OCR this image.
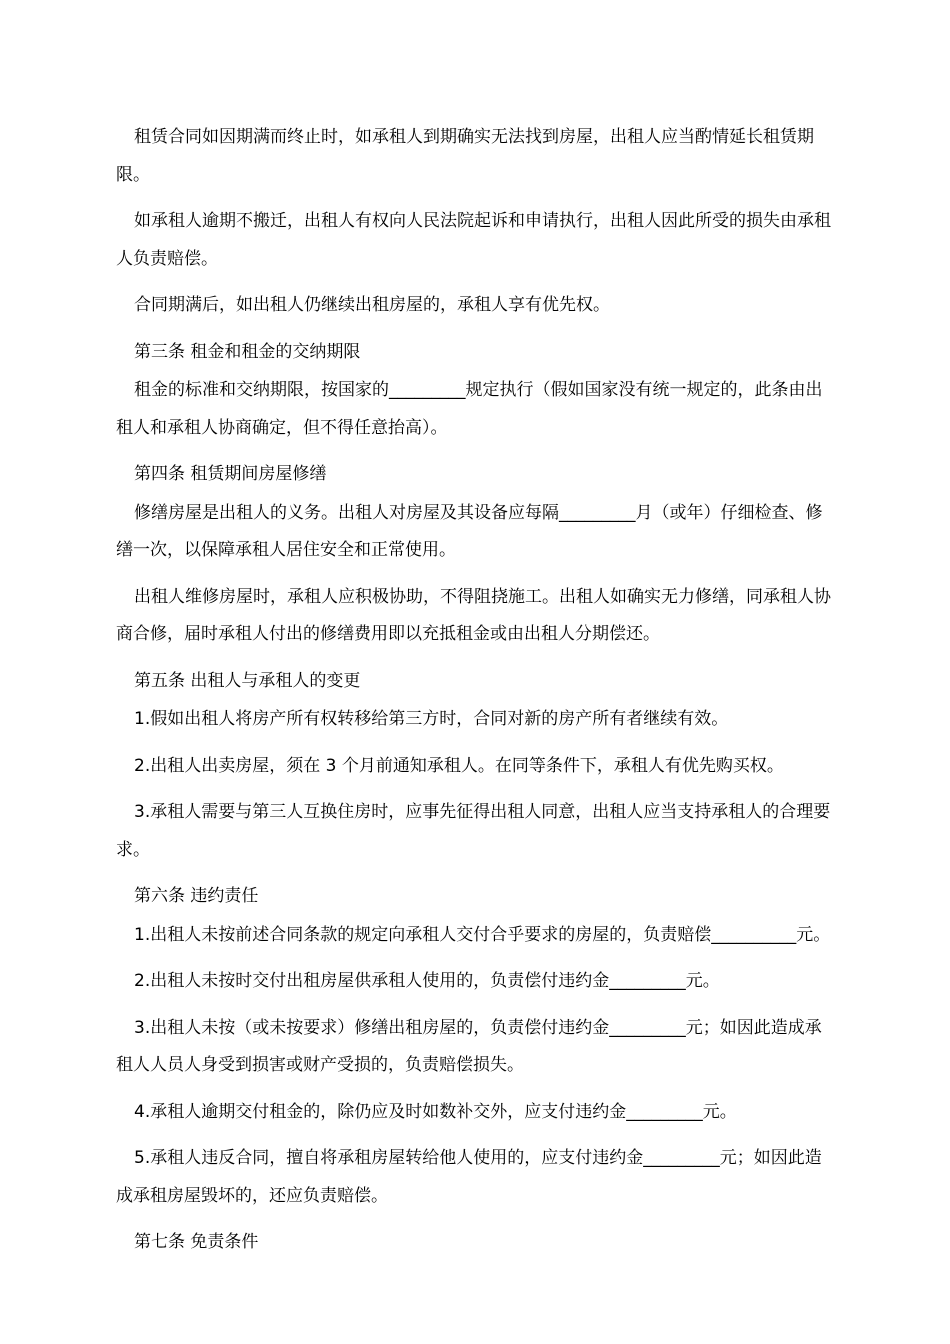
租赁合同如因期满而终止时，如承租人到期确实无法找到房屋，出租人应当酌情延长租赁期限。

如承租人逾期不搬迁，出租人有权向人民法院起诉和申请执行，出租人因此所受的损失由承租人负责赔偿。

合同期满后，如出租人仍继续出租房屋的，承租人享有优先权。

第三条 租金和租金的交纳期限

租金的标准和交纳期限，按国家的_________规定执行（假如国家没有统一规定的，此条由出租人和承租人协商确定，但不得任意抬高）。

第四条 租赁期间房屋修缮

修缮房屋是出租人的义务。出租人对房屋及其设备应每隔_________月（或年）仔细检查、修缮一次，以保障承租人居住安全和正常使用。

出租人维修房屋时，承租人应积极协助，不得阻挠施工。出租人如确实无力修缮，同承租人协商合修，届时承租人付出的修缮费用即以充抵租金或由出租人分期偿还。

第五条 出租人与承租人的变更

1.假如出租人将房产所有权转移给第三方时，合同对新的房产所有者继续有效。

2.出租人出卖房屋，须在 3 个月前通知承租人。在同等条件下，承租人有优先购买权。

3.承租人需要与第三人互换住房时，应事先征得出租人同意，出租人应当支持承租人的合理要求。

第六条 违约责任

1.出租人未按前述合同条款的规定向承租人交付合乎要求的房屋的，负责赔偿__________元。

2.出租人未按时交付出租房屋供承租人使用的，负责偿付违约金_________元。

3.出租人未按（或未按要求）修缮出租房屋的，负责偿付违约金_________元；如因此造成承租人人员人身受到损害或财产受损的，负责赔偿损失。

4.承租人逾期交付租金的，除仍应及时如数补交外，应支付违约金_________元。

5.承租人违反合同，擅自将承租房屋转给他人使用的，应支付违约金_________元；如因此造成承租房屋毁坏的，还应负责赔偿。

第七条 免责条件
